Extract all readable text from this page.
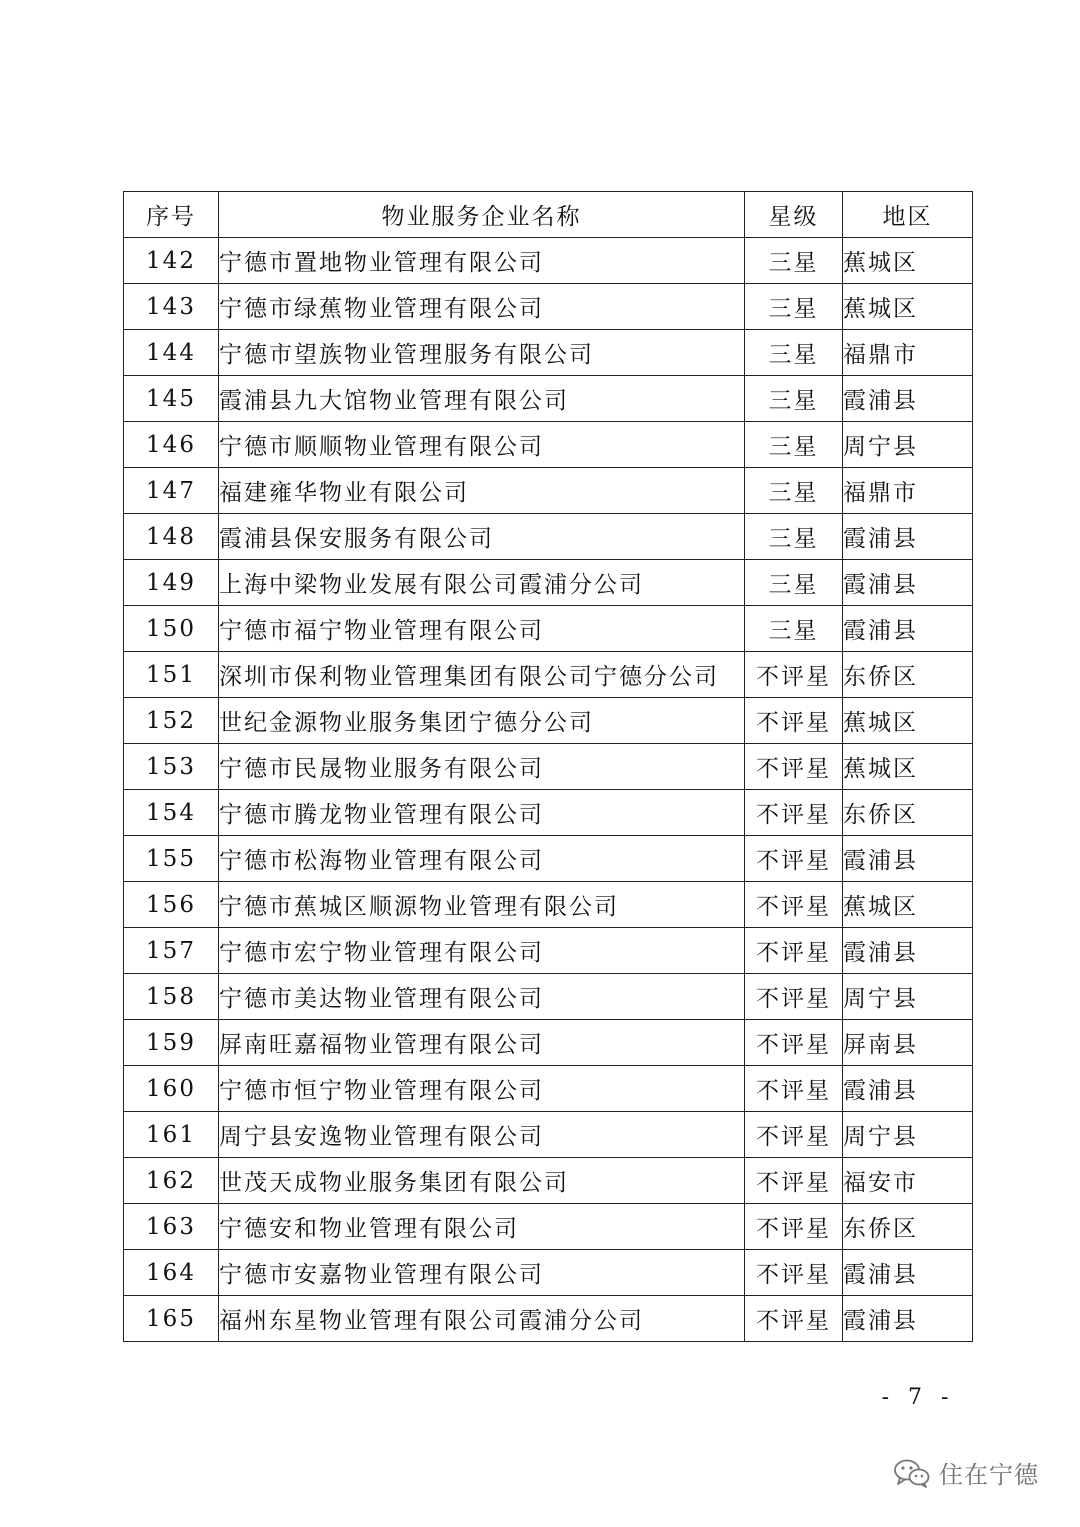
序号	物业服务企业名称	星级	地区
142	宁德市置地物业管理有限公司	三星	蕉城区
143	宁德市绿蕉物业管理有限公司	三星	蕉城区
144	宁德市望族物业管理服务有限公司	三星	福鼎市
145	霞浦县九大馆物业管理有限公司	三星	霞浦县
146	宁德市顺顺物业管理有限公司	三星	周宁县
147	福建雍华物业有限公司	三星	福鼎市
148	霞浦县保安服务有限公司	三星	霞浦县
149	上海中梁物业发展有限公司霞浦分公司	三星	霞浦县
150	宁德市福宁物业管理有限公司	三星	霞浦县
151	深圳市保利物业管理集团有限公司宁德分公司	不评星	东侨区
152	世纪金源物业服务集团宁德分公司	不评星	蕉城区
153	宁德市民晟物业服务有限公司	不评星	蕉城区
154	宁德市腾龙物业管理有限公司	不评星	东侨区
155	宁德市松海物业管理有限公司	不评星	霞浦县
156	宁德市蕉城区顺源物业管理有限公司	不评星	蕉城区
157	宁德市宏宁物业管理有限公司	不评星	霞浦县
158	宁德市美达物业管理有限公司	不评星	周宁县
159	屏南旺嘉福物业管理有限公司	不评星	屏南县
160	宁德市恒宁物业管理有限公司	不评星	霞浦县
161	周宁县安逸物业管理有限公司	不评星	周宁县
162	世茂天成物业服务集团有限公司	不评星	福安市
163	宁德安和物业管理有限公司	不评星	东侨区
164	宁德市安嘉物业管理有限公司	不评星	霞浦县
165	福州东星物业管理有限公司霞浦分公司	不评星	霞浦县
- 7 -
住在宁德
